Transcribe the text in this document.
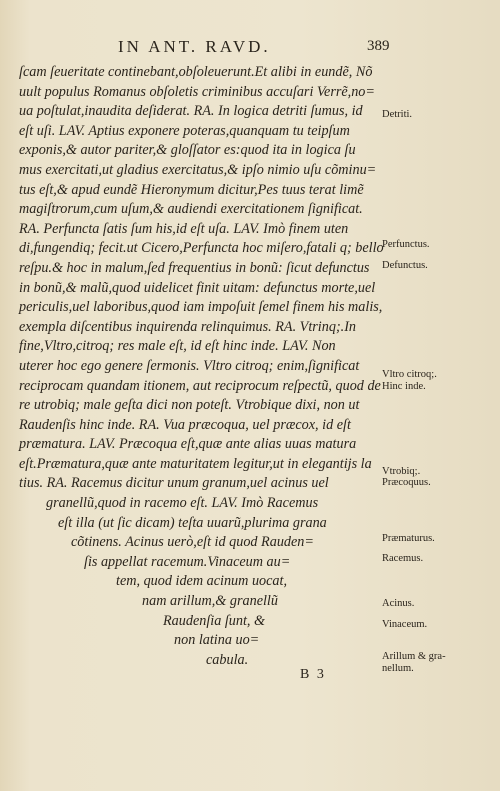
IN ANT. RAVD.	389
ſcam ſeueritate continebant,obſoleuerunt.Et alibi in eundẽ, Nõ
uult populus Romanus obſoletis criminibus accuſari Verrẽ,no=
ua poſtulat,inaudita deſiderat. RA. In logica detriti ſumus, id
eſt uſi. LAV. Aptius exponere poteras,quanquam tu teipſum
exponis,& autor pariter,& gloſſator es:quod ita in logica ſu
mus exercitati,ut gladius exercitatus,& ipſo nimio uſu cõminu=
tus eſt,& apud eundẽ Hieronymum dicitur,Pes tuus terat limẽ
magiſtrorum,cum uſum,& audiendi exercitationem ſignificat.
RA. Perfuncta ſatis ſum his,id eſt uſa. LAV. Imò finem uten
di,fungendiq; fecit.ut Cicero,Perfuncta hoc miſero,fatali q; bello
reſpu.& hoc in malum,ſed frequentius in bonũ: ſicut defunctus
in bonũ,& malũ,quod uidelicet finit uitam: defunctus morte,uel
periculis,uel laboribus,quod iam impoſuit ſemel finem his malis,
exempla diſcentibus inquirenda relinquimus. RA. Vtrinq;.In
fine,Vltro,citroq; res male eſt, id eſt hinc inde. LAV. Non
uterer hoc ego genere ſermonis. Vltro citroq; enim,ſignificat
reciprocam quandam itionem, aut reciprocum reſpectũ, quod de
re utrobiq; male geſta dici non poteſt. Vtrobique dixi, non ut
Raudenſis hinc inde. RA. Vua præcoqua, uel præcox, id eſt
præmatura. LAV. Præcoqua eſt,quæ ante alias uuas matura
eſt.Præmatura,quæ ante maturitatem legitur,ut in elegantijs la
tius. RA. Racemus dicitur unum granum,uel acinus uel
granellũ,quod in racemo eſt. LAV. Imò Racemus
eſt illa (ut ſic dicam) teſta uuarũ,plurima grana
cõtinens. Acinus uerò,eſt id quod Rauden=
ſis appellat racemum.Vinaceum au=
tem, quod idem acinum uocat,
nam arillum,& granellũ
Raudenſia ſunt, &
non latina uo=
cabula.
Detriti.
Perfunctus.
Defunctus.
Vltro citroq;.
Hinc inde.
Vtrobiq;.
Præcoquus.
Præmaturus.
Racemus.
Acinus.
Vinaceum.
Arillum & gra-
nellum.
B 3
